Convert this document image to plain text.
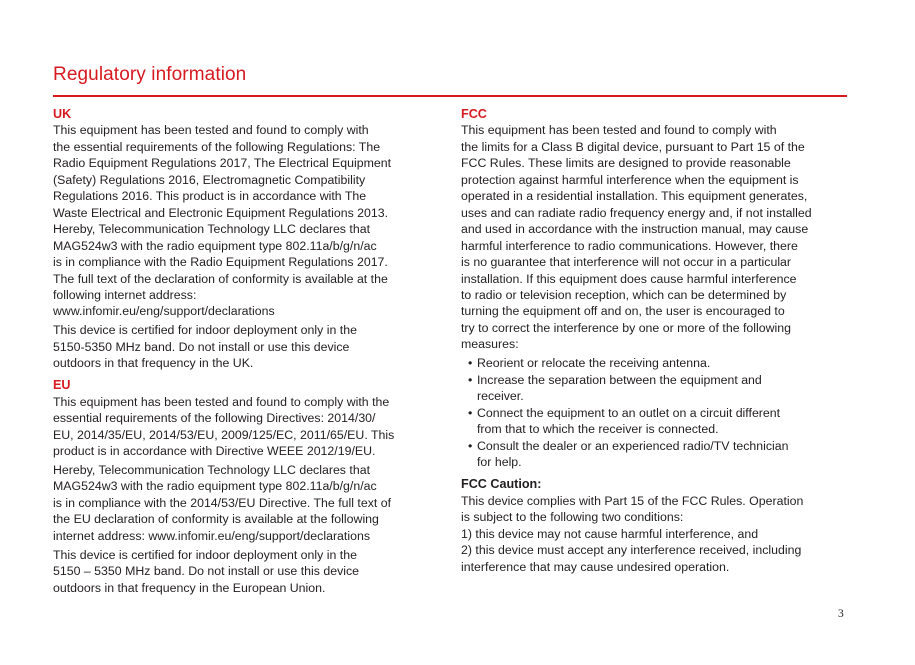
Regulatory information
UK
This equipment has been tested and found to comply with
the essential requirements of the following Regulations: The
Radio Equipment Regulations 2017, The Electrical Equipment
(Safety) Regulations 2016, Electromagnetic Compatibility
Regulations 2016. This product is in accordance with The
Waste Electrical and Electronic Equipment Regulations 2013.
Hereby, Telecommunication Technology LLC declares that
MAG524w3 with the radio equipment type 802.11a/b/g/n/ac
is in compliance with the Radio Equipment Regulations 2017.
The full text of the declaration of conformity is available at the
following internet address:
www.infomir.eu/eng/support/declarations
This device is certified for indoor deployment only in the
5150-5350 MHz band. Do not install or use this device
outdoors in that frequency in the UK.
EU
This equipment has been tested and found to comply with the
essential requirements of the following Directives: 2014/30/
EU, 2014/35/EU, 2014/53/EU, 2009/125/EC, 2011/65/EU. This
product is in accordance with Directive WEEE 2012/19/EU.
Hereby, Telecommunication Technology LLC declares that
MAG524w3 with the radio equipment type 802.11a/b/g/n/ac
is in compliance with the 2014/53/EU Directive. The full text of
the EU declaration of conformity is available at the following
internet address: www.infomir.eu/eng/support/declarations
This device is certified for indoor deployment only in the
5150 – 5350 MHz band. Do not install or use this device
outdoors in that frequency in the European Union.
FCC
This equipment has been tested and found to comply with
the limits for a Class B digital device, pursuant to Part 15 of the
FCC Rules. These limits are designed to provide reasonable
protection against harmful interference when the equipment is
operated in a residential installation. This equipment generates,
uses and can radiate radio frequency energy and, if not installed
and used in accordance with the instruction manual, may cause
harmful interference to radio communications. However, there
is no guarantee that interference will not occur in a particular
installation. If this equipment does cause harmful interference
to radio or television reception, which can be determined by
turning the equipment off and on, the user is encouraged to
try to correct the interference by one or more of the following
measures:
• Reorient or relocate the receiving antenna.
• Increase the separation between the equipment and
receiver.
• Connect the equipment to an outlet on a circuit different
from that to which the receiver is connected.
• Consult the dealer or an experienced radio/TV technician
for help.
FCC Caution:
This device complies with Part 15 of the FCC Rules. Operation
is subject to the following two conditions:
1) this device may not cause harmful interference, and
2) this device must accept any interference received, including
interference that may cause undesired operation.
3
